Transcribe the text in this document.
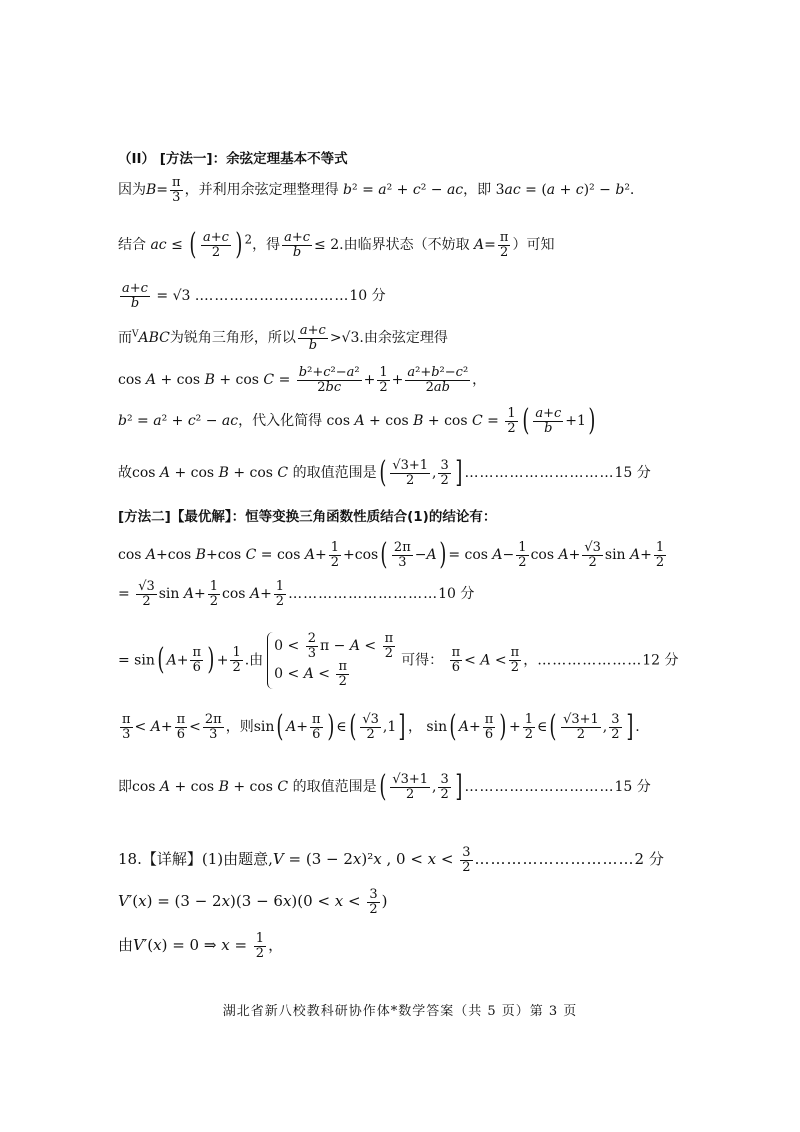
（II） [方法一]：余弦定理基本不等式
因为$B= \frac{\pi}{3}$ ，并利用余弦定理整理得 b² = a² + c² − ac，即 3ac = (a + c)² − b².
结合 ac ≤ ( $\frac{a+c}{2}$ ) $^2$，得 $\frac{a+c}{b} \le 2$.由临界状态（不妨取 $A= \frac{\pi}{2}$ ）可知
$\frac{a+c}{b} = √3$ .…………………………10 分
而$^V$ABC为锐角三角形，所以 $\frac{a+c}{b} >√3$.由余弦定理得
$\cos A + \cos B + \cos C = \frac{\text{b²+c²−a²}}{2bc} + \frac{1}{2} + \frac{\text{a²+b²−c²}}{2ab}$ ，
b² = a² + c² − ac，代入化简得 $\cos A + \cos B + \cos C = \frac{1}{2}$ ( $\frac{a+c}{b} +1$)
故cos A + cos B + cos C 的取值范围是( $\frac{√3+1}{2}$ , $\frac{3}{2}$ ] …………………………15 分
[方法二]【最优解】：恒等变换三角函数性质结合(1)的结论有：
cos A+cos B+cos $C = \cos A+ \frac{1}{2} +\cos( \frac{2\pi}{3} -A) = \cos A- \frac{1}{2}$ $\cos A+ \frac{√3}{2}$ $\sin A+ \frac{1}{2}$
= $\frac{√3}{2}$ $\sin A+ \frac{1}{2}$ $\cos A+ \frac{1}{2}$ …………………………10 分
= sin( $A+ \frac{\pi}{6}$ ) + $\frac{1}{2}$ .由
$0 < \frac{2}{3}$ $\pi - A < \frac{\pi}{2}$
$0 < A < \frac{\pi}{2}$	可得： $\frac{\pi}{6} < A < \frac{\pi}{2}$ ，…………………12 分
$\frac{\pi}{3} < A+ \frac{\pi}{6} < \frac{2\pi}{3}$ ，则sin( $A+ \frac{\pi}{6}$ ) ∈( $\frac{√3}{2} ,1$] ， sin( $A+ \frac{\pi}{6}$ ) + $\frac{1}{2}$ ∈( $\frac{√3+1}{2}$ , $\frac{3}{2}$ ] .
即cos A + cos B + cos C 的取值范围是( $\frac{√3+1}{2}$ , $\frac{3}{2}$ ] …………………………15 分
18.【详解】(1)由题意,V = (3 − 2x)²x , $0 < x < \frac{3}{2}$ …………………………2 分
$V'(x) = (3 - 2x)(3 - 6x)(0 < x < \frac{3}{2}$ )
由V′(x) = 0 ⇒ $x = \frac{1}{2}$ ，
湖北省新八校教科研协作体*数学答案（共 5 页）第 3 页
